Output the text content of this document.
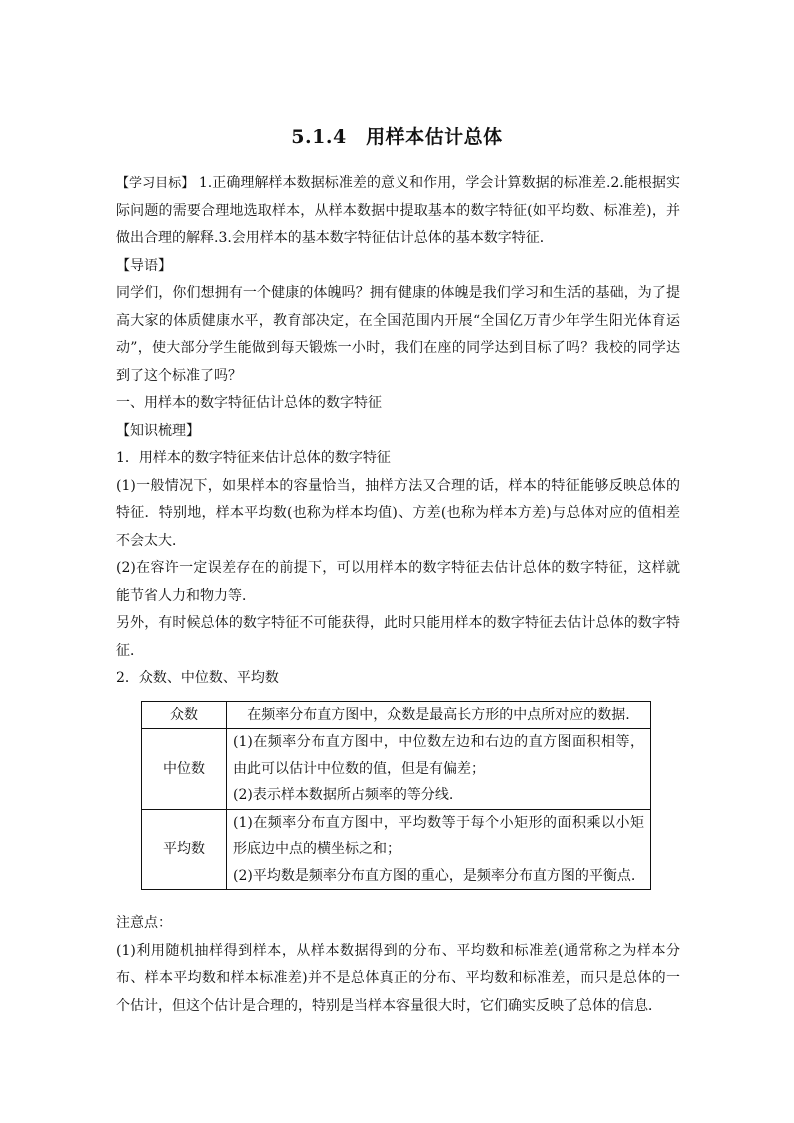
5.1.4　用样本估计总体

【学习目标】 1.正确理解样本数据标准差的意义和作用，学会计算数据的标准差.2.能根据实际问题的需要合理地选取样本，从样本数据中提取基本的数字特征(如平均数、标准差)，并做出合理的解释.3.会用样本的基本数字特征估计总体的基本数字特征．

【导语】

同学们，你们想拥有一个健康的体魄吗？拥有健康的体魄是我们学习和生活的基础，为了提高大家的体质健康水平，教育部决定，在全国范围内开展“全国亿万青少年学生阳光体育运动”，使大部分学生能做到每天锻炼一小时，我们在座的同学达到目标了吗？我校的同学达到了这个标准了吗？

一、用样本的数字特征估计总体的数字特征

【知识梳理】

1．用样本的数字特征来估计总体的数字特征

(1)一般情况下，如果样本的容量恰当，抽样方法又合理的话，样本的特征能够反映总体的特征．特别地，样本平均数(也称为样本均值)、方差(也称为样本方差)与总体对应的值相差不会太大．

(2)在容许一定误差存在的前提下，可以用样本的数字特征去估计总体的数字特征，这样就能节省人力和物力等．

另外，有时候总体的数字特征不可能获得，此时只能用样本的数字特征去估计总体的数字特征．

2．众数、中位数、平均数

众数	在频率分布直方图中，众数是最高长方形的中点所对应的数据.

中位数	(1)在频率分布直方图中，中位数左边和右边的直方图面积相等，由此可以估计中位数的值，但是有偏差；
(2)表示样本数据所占频率的等分线.

平均数	(1)在频率分布直方图中，平均数等于每个小矩形的面积乘以小矩形底边中点的横坐标之和；
(2)平均数是频率分布直方图的重心，是频率分布直方图的平衡点.

注意点：

(1)利用随机抽样得到样本，从样本数据得到的分布、平均数和标准差(通常称之为样本分布、样本平均数和样本标准差)并不是总体真正的分布、平均数和标准差，而只是总体的一个估计，但这个估计是合理的，特别是当样本容量很大时，它们确实反映了总体的信息．
